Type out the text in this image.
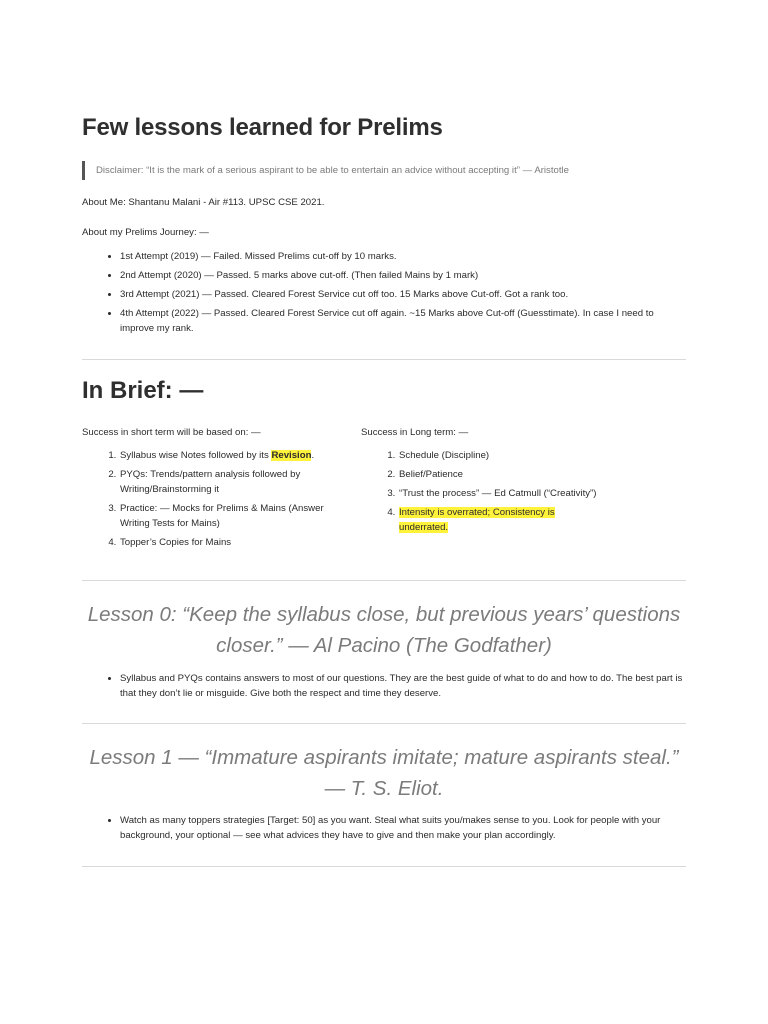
Few lessons learned for Prelims
Disclaimer: “It is the mark of a serious aspirant to be able to entertain an advice without accepting it” — Aristotle

About Me: Shantanu Malani - Air #113. UPSC CSE 2021.

About my Prelims Journey: —

• 1st Attempt (2019) — Failed. Missed Prelims cut-off by 10 marks.
• 2nd Attempt (2020) — Passed. 5 marks above cut-off. (Then failed Mains by 1 mark)
• 3rd Attempt (2021) — Passed. Cleared Forest Service cut off too. 15 Marks above Cut-off. Got a rank too.
• 4th Attempt (2022) — Passed. Cleared Forest Service cut off again. ~15 Marks above Cut-off (Guesstimate). In case I need to improve my rank.
In Brief: —

Success in short term will be based on: —

1. Syllabus wise Notes followed by its Revision.
2. PYQs: Trends/pattern analysis followed by Writing/Brainstorming it
3. Practice: — Mocks for Prelims & Mains (Answer Writing Tests for Mains)
4. Topper’s Copies for Mains

Success in Long term: —

1. Schedule (Discipline)
2. Belief/Patience
3. “Trust the process” — Ed Catmull (“Creativity”)
4. Intensity is overrated; Consistency is underrated.

Lesson 0: “Keep the syllabus close, but previous years’ questions closer.” — Al Pacino (The Godfather)

• Syllabus and PYQs contains answers to most of our questions. They are the best guide of what to do and how to do. The best part is that they don’t lie or misguide. Give both the respect and time they deserve.

Lesson 1 — “Immature aspirants imitate; mature aspirants steal.” — T. S. Eliot.

• Watch as many toppers strategies [Target: 50] as you want. Steal what suits you/makes sense to you. Look for people with your background, your optional — see what advices they have to give and then make your plan accordingly.
